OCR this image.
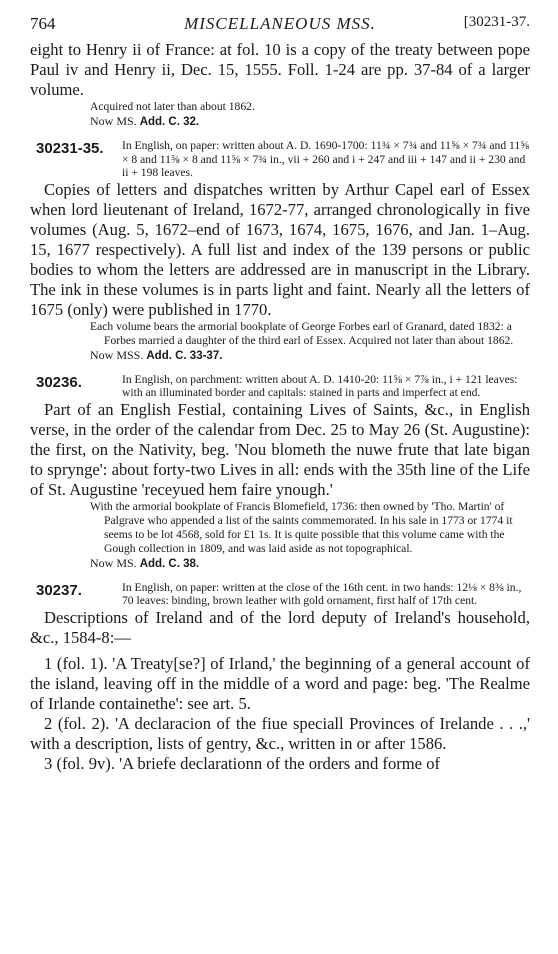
764	MISCELLANEOUS MSS.	[30231-37.

eight to Henry ii of France: at fol. 10 is a copy of the treaty between pope Paul iv and Henry ii, Dec. 15, 1555. Foll. 1-24 are pp. 37-84 of a larger volume.

Acquired not later than about 1862.

Now MS. Add. C. 32.

30231-35.	In English, on paper: written about A. D. 1690-1700: 11¾ × 7¾ and 11⅝ × 7¾ and 11⅝ × 8 and 11⅝ × 8 and 11⅝ × 7¾ in., vii + 260 and i + 247 and iii + 147 and ii + 230 and ii + 198 leaves.

Copies of letters and dispatches written by Arthur Capel earl of Essex when lord lieutenant of Ireland, 1672-77, arranged chronologically in five volumes (Aug. 5, 1672–end of 1673, 1674, 1675, 1676, and Jan. 1–Aug. 15, 1677 respectively). A full list and index of the 139 persons or public bodies to whom the letters are addressed are in manuscript in the Library. The ink in these volumes is in parts light and faint. Nearly all the letters of 1675 (only) were published in 1770.

Each volume bears the armorial bookplate of George Forbes earl of Granard, dated 1832: a Forbes married a daughter of the third earl of Essex. Acquired not later than about 1862.

Now MSS. Add. C. 33-37.

30236.	In English, on parchment: written about A. D. 1410-20: 11⅝ × 7⅞ in., i + 121 leaves: with an illuminated border and capitals: stained in parts and imperfect at end.

Part of an English Festial, containing Lives of Saints, &c., in English verse, in the order of the calendar from Dec. 25 to May 26 (St. Augustine): the first, on the Nativity, beg. 'Nou blometh the nuwe frute that late bigan to sprynge': about forty-two Lives in all: ends with the 35th line of the Life of St. Augustine 'receyued hem faire ynough.'

With the armorial bookplate of Francis Blomefield, 1736: then owned by 'Tho. Martin' of Palgrave who appended a list of the saints commemorated. In his sale in 1773 or 1774 it seems to be lot 4568, sold for £1 1s. It is quite possible that this volume came with the Gough collection in 1809, and was laid aside as not topographical.

Now MS. Add. C. 38.

30237.	In English, on paper: written at the close of the 16th cent. in two hands: 12⅛ × 8⅜ in., 70 leaves: binding, brown leather with gold ornament, first half of 17th cent.

Descriptions of Ireland and of the lord deputy of Ireland's household, &c., 1584-8:—

1 (fol. 1). 'A Treaty[se?] of Irland,' the beginning of a general account of the island, leaving off in the middle of a word and page: beg. 'The Realme of Irlande containethe': see art. 5.

2 (fol. 2). 'A declaracion of the fiue speciall Provinces of Irelande . . .,' with a description, lists of gentry, &c., written in or after 1586.

3 (fol. 9v). 'A briefe declarationn of the orders and forme of
